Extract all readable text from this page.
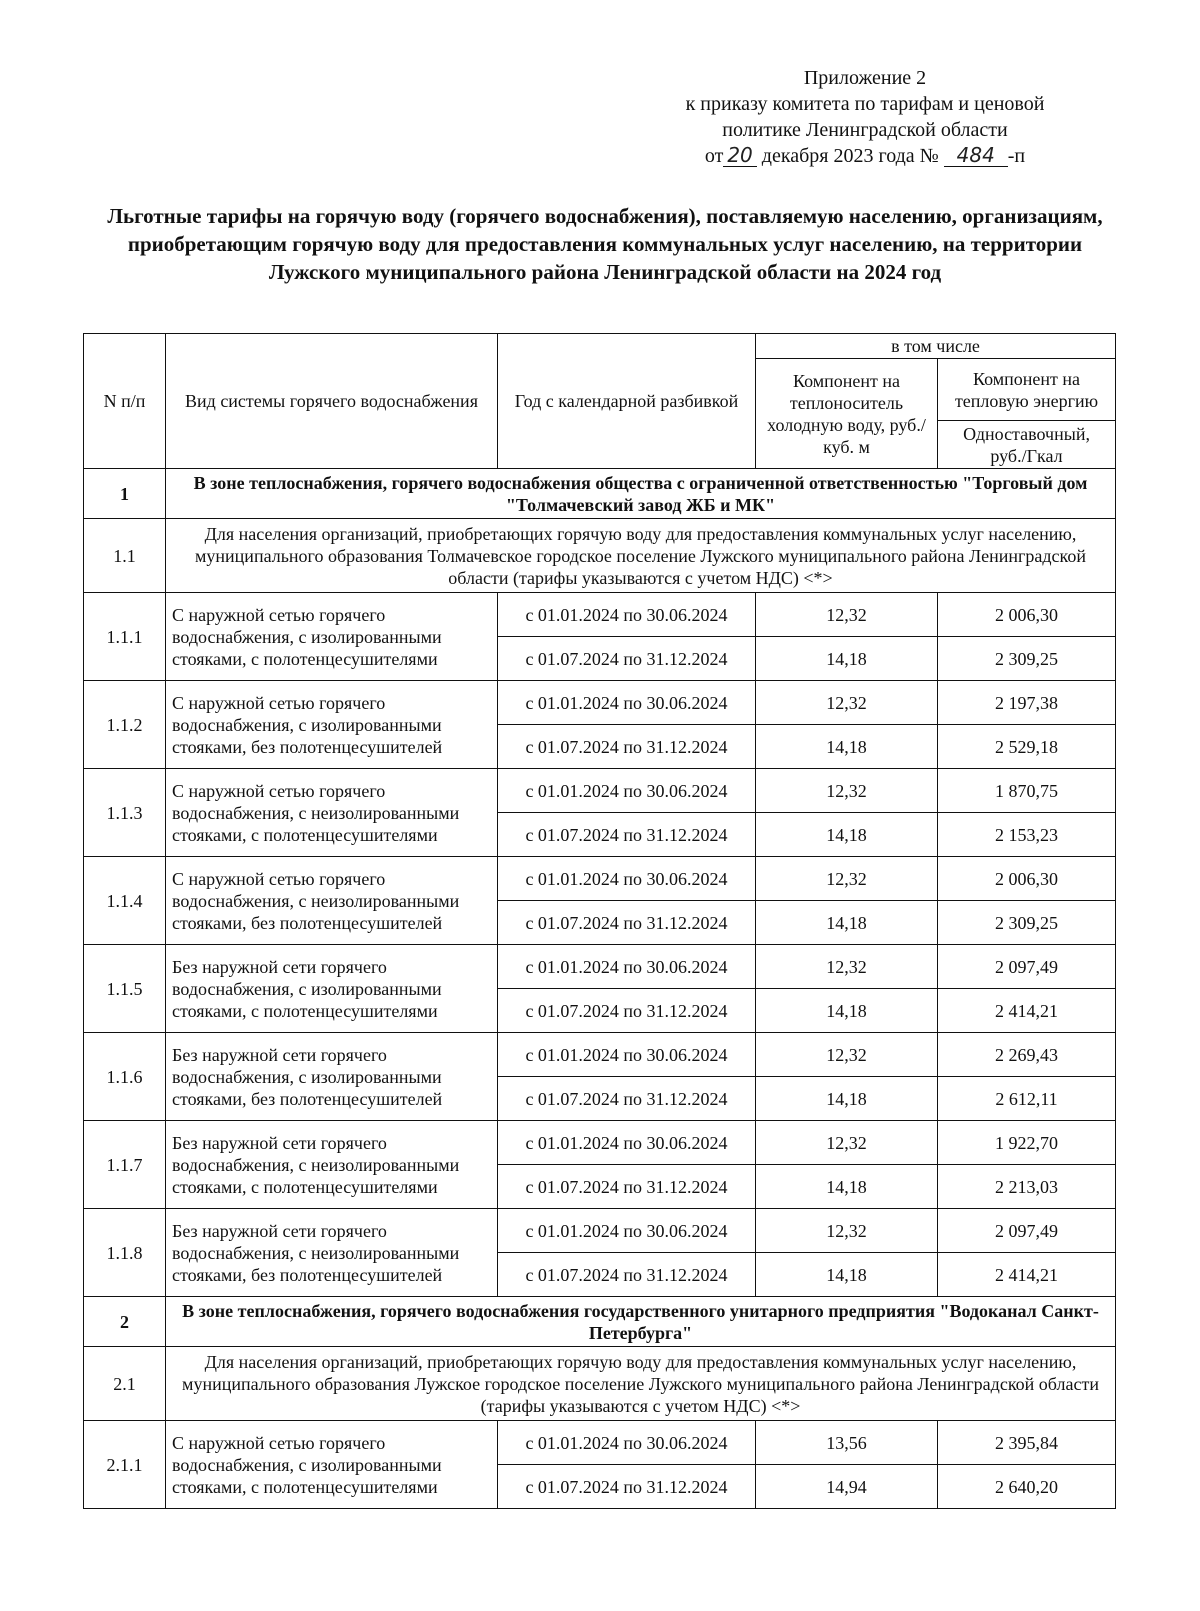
Приложение 2
к приказу комитета по тарифам и ценовой
политике Ленинградской области
от 20 декабря 2023 года № 484 -п
Льготные тарифы на горячую воду (горячего водоснабжения), поставляемую населению, организациям, приобретающим горячую воду для предоставления коммунальных услуг населению, на территории Лужского муниципального района Ленинградской области на 2024 год
N п/п	Вид системы горячего водоснабжения	Год с календарной разбивкой	в том числе	
			Компонент на теплоноситель холодную воду, руб./куб. м	Компонент на тепловую энергию
				Одноставочный, руб./Гкал
1	В зоне теплоснабжения, горячего водоснабжения общества с ограниченной ответственностью "Торговый дом "Толмачевский завод ЖБ и МК"			
1.1	Для населения организаций, приобретающих горячую воду для предоставления коммунальных услуг населению, муниципального образования Толмачевское городское поселение Лужского муниципального района Ленинградской области (тарифы указываются с учетом НДС) <*>			
1.1.1	С наружной сетью горячего водоснабжения, с изолированными стояками, с полотенцесушителями	с 01.01.2024 по 30.06.2024	12,32	2 006,30
		с 01.07.2024 по 31.12.2024	14,18	2 309,25
1.1.2	С наружной сетью горячего водоснабжения, с изолированными стояками, без полотенцесушителей	с 01.01.2024 по 30.06.2024	12,32	2 197,38
		с 01.07.2024 по 31.12.2024	14,18	2 529,18
1.1.3	С наружной сетью горячего водоснабжения, с неизолированными стояками, с полотенцесушителями	с 01.01.2024 по 30.06.2024	12,32	1 870,75
		с 01.07.2024 по 31.12.2024	14,18	2 153,23
1.1.4	С наружной сетью горячего водоснабжения, с неизолированными стояками, без полотенцесушителей	с 01.01.2024 по 30.06.2024	12,32	2 006,30
		с 01.07.2024 по 31.12.2024	14,18	2 309,25
1.1.5	Без наружной сети горячего водоснабжения, с изолированными стояками, с полотенцесушителями	с 01.01.2024 по 30.06.2024	12,32	2 097,49
		с 01.07.2024 по 31.12.2024	14,18	2 414,21
1.1.6	Без наружной сети горячего водоснабжения, с изолированными стояками, без полотенцесушителей	с 01.01.2024 по 30.06.2024	12,32	2 269,43
		с 01.07.2024 по 31.12.2024	14,18	2 612,11
1.1.7	Без наружной сети горячего водоснабжения, с неизолированными стояками, с полотенцесушителями	с 01.01.2024 по 30.06.2024	12,32	1 922,70
		с 01.07.2024 по 31.12.2024	14,18	2 213,03
1.1.8	Без наружной сети горячего водоснабжения, с неизолированными стояками, без полотенцесушителей	с 01.01.2024 по 30.06.2024	12,32	2 097,49
		с 01.07.2024 по 31.12.2024	14,18	2 414,21
2	В зоне теплоснабжения, горячего водоснабжения государственного унитарного предприятия "Водоканал Санкт-Петербурга"			
2.1	Для населения организаций, приобретающих горячую воду для предоставления коммунальных услуг населению, муниципального образования Лужское городское поселение Лужского муниципального района Ленинградской области (тарифы указываются с учетом НДС) <*>			
2.1.1	С наружной сетью горячего водоснабжения, с изолированными стояками, с полотенцесушителями	с 01.01.2024 по 30.06.2024	13,56	2 395,84
		с 01.07.2024 по 31.12.2024	14,94	2 640,20
